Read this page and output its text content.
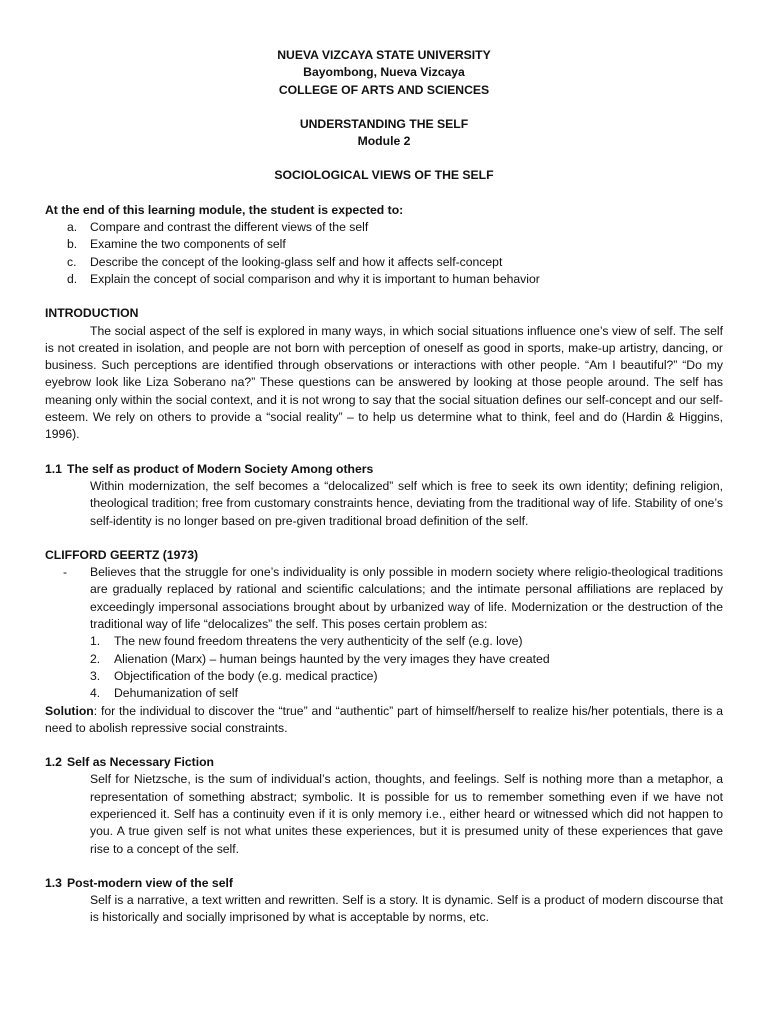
NUEVA VIZCAYA STATE UNIVERSITY
Bayombong, Nueva Vizcaya
COLLEGE OF ARTS AND SCIENCES
UNDERSTANDING THE SELF
Module 2
SOCIOLOGICAL VIEWS OF THE SELF
At the end of this learning module, the student is expected to:
a.	Compare and contrast the different views of the self
b.	Examine the two components of self
c.	Describe the concept of the looking-glass self and how it affects self-concept
d.	Explain the concept of social comparison and why it is important to human behavior
INTRODUCTION

The social aspect of the self is explored in many ways, in which social situations influence one’s view of self. The self is not created in isolation, and people are not born with perception of oneself as good in sports, make-up artistry, dancing, or business. Such perceptions are identified through observations or interactions with other people. “Am I beautiful?” “Do my eyebrow look like Liza Soberano na?” These questions can be answered by looking at those people around. The self has meaning only within the social context, and it is not wrong to say that the social situation defines our self-concept and our self-esteem. We rely on others to provide a “social reality” – to help us determine what to think, feel and do (Hardin & Higgins, 1996).

1.1 The self as product of Modern Society Among others

Within modernization, the self becomes a “delocalized” self which is free to seek its own identity; defining religion, theological tradition; free from customary constraints hence, deviating from the traditional way of life. Stability of one’s self-identity is no longer based on pre-given traditional broad definition of the self.

CLIFFORD GEERTZ (1973)
-	Believes that the struggle for one’s individuality is only possible in modern society where religio-theological traditions are gradually replaced by rational and scientific calculations; and the intimate personal affiliations are replaced by exceedingly impersonal associations brought about by urbanized way of life. Modernization or the destruction of the traditional way of life “delocalizes” the self. This poses certain problem as:
1.	The new found freedom threatens the very authenticity of the self (e.g. love)
2.	Alienation (Marx) – human beings haunted by the very images they have created
3.	Objectification of the body (e.g. medical practice)
4.	Dehumanization of self

Solution: for the individual to discover the “true” and “authentic” part of himself/herself to realize his/her potentials, there is a need to abolish repressive social constraints.

1.2 Self as Necessary Fiction

Self for Nietzsche, is the sum of individual’s action, thoughts, and feelings. Self is nothing more than a metaphor, a representation of something abstract; symbolic. It is possible for us to remember something even if we have not experienced it. Self has a continuity even if it is only memory i.e., either heard or witnessed which did not happen to you. A true given self is not what unites these experiences, but it is presumed unity of these experiences that gave rise to a concept of the self.

1.3 Post-modern view of the self

Self is a narrative, a text written and rewritten. Self is a story. It is dynamic. Self is a product of modern discourse that is historically and socially imprisoned by what is acceptable by norms, etc.
